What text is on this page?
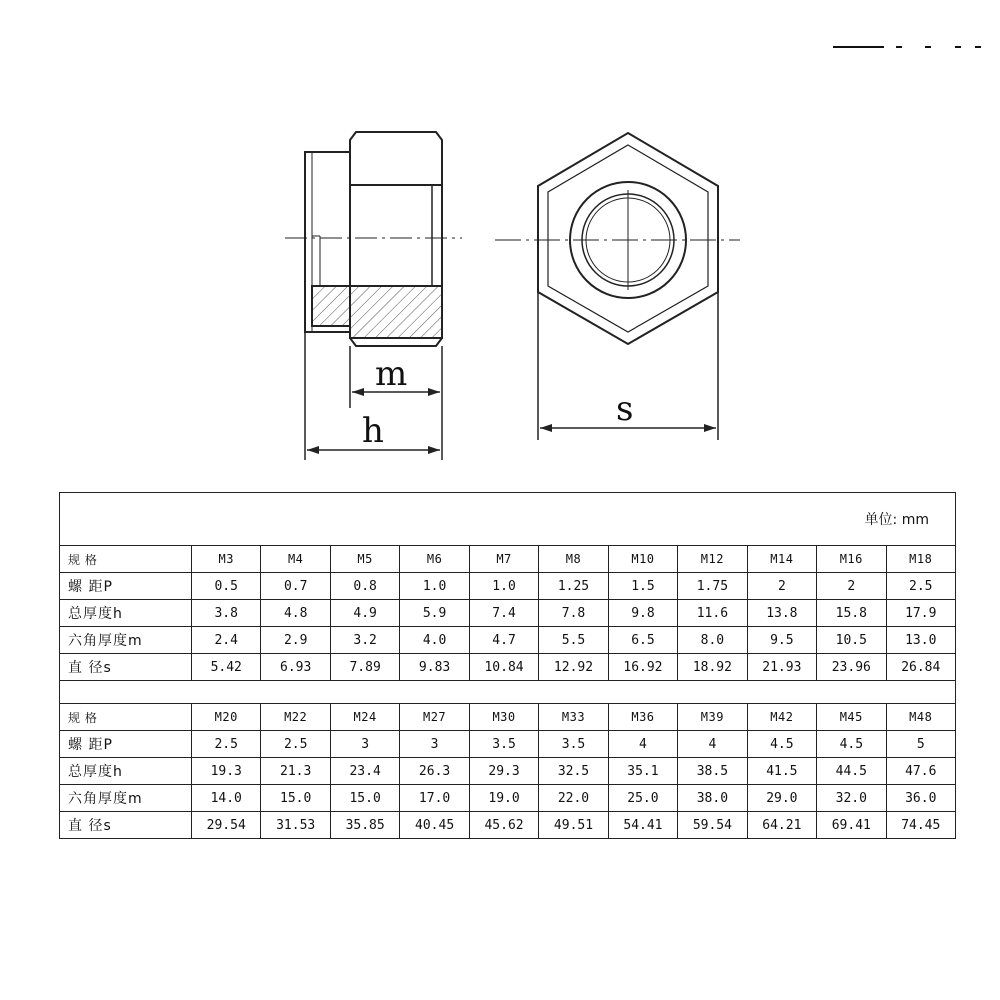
m
h
s
单位: mm											
规 格	M3	M4	M5	M6	M7	M8	M10	M12	M14	M16	M18
螺 距P	0.5	0.7	0.8	1.0	1.0	1.25	1.5	1.75	2	2	2.5
总厚度h	3.8	4.8	4.9	5.9	7.4	7.8	9.8	11.6	13.8	15.8	17.9
六角厚度m	2.4	2.9	3.2	4.0	4.7	5.5	6.5	8.0	9.5	10.5	13.0
直 径s	5.42	6.93	7.89	9.83	10.84	12.92	16.92	18.92	21.93	23.96	26.84

规 格	M20	M22	M24	M27	M30	M33	M36	M39	M42	M45	M48
螺 距P	2.5	2.5	3	3	3.5	3.5	4	4	4.5	4.5	5
总厚度h	19.3	21.3	23.4	26.3	29.3	32.5	35.1	38.5	41.5	44.5	47.6
六角厚度m	14.0	15.0	15.0	17.0	19.0	22.0	25.0	38.0	29.0	32.0	36.0
直 径s	29.54	31.53	35.85	40.45	45.62	49.51	54.41	59.54	64.21	69.41	74.45
